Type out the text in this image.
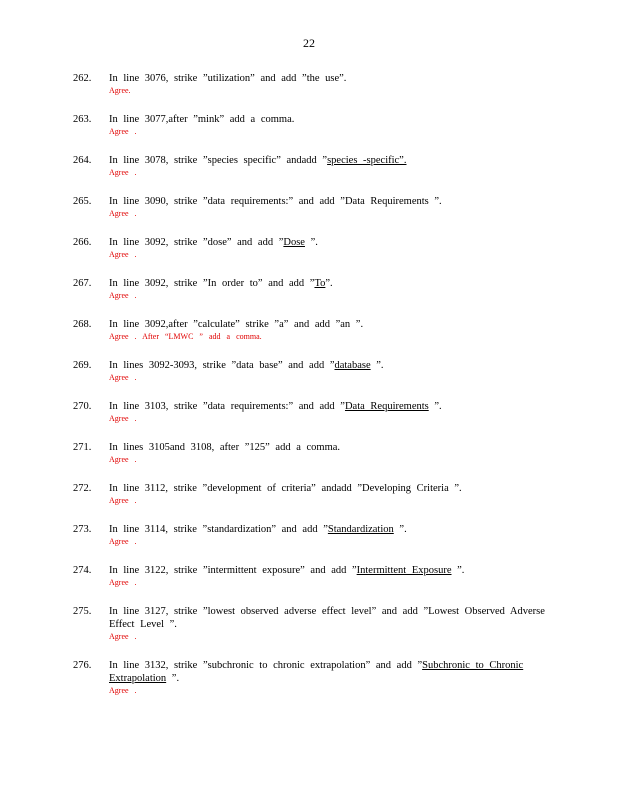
22
262.	In line 3076, strike ”utilization” and add ”the use”.
Agree.
263.	In line 3077,after ”mink” add a comma.
Agree .
264.	In line 3078, strike ”species specific” andadd ”species -specific”.
Agree .
265.	In line 3090, strike ”data requirements:” and add ”Data Requirements ”.
Agree .
266.	In line 3092, strike ”dose” and add ”Dose ”.
Agree .
267.	In line 3092, strike ”In order to” and add ”To”.
Agree .
268.	In line 3092,after ”calculate” strike ”a” and add ”an ”.
Agree . After “LMWC ” add a comma.
269.	In lines 3092-3093, strike ”data base” and add ”database ”.
Agree .
270.	In line 3103, strike ”data requirements:” and add ”Data Requirements ”.
Agree .
271.	In lines 3105and 3108, after ”125” add a comma.
Agree .
272.	In line 3112, strike ”development of criteria” andadd ”Developing Criteria ”.
Agree .
273.	In line 3114, strike ”standardization” and add ”Standardization ”.
Agree .
274.	In line 3122, strike ”intermittent exposure” and add ”Intermittent Exposure ”.
Agree .
275.	In line 3127, strike ”lowest observed adverse effect level” and add ”Lowest Observed Adverse Effect Level ”.
Agree .
276.	In line 3132, strike ”subchronic to chronic extrapolation” and add ”Subchronic to Chronic Extrapolation ”.
Agree .
